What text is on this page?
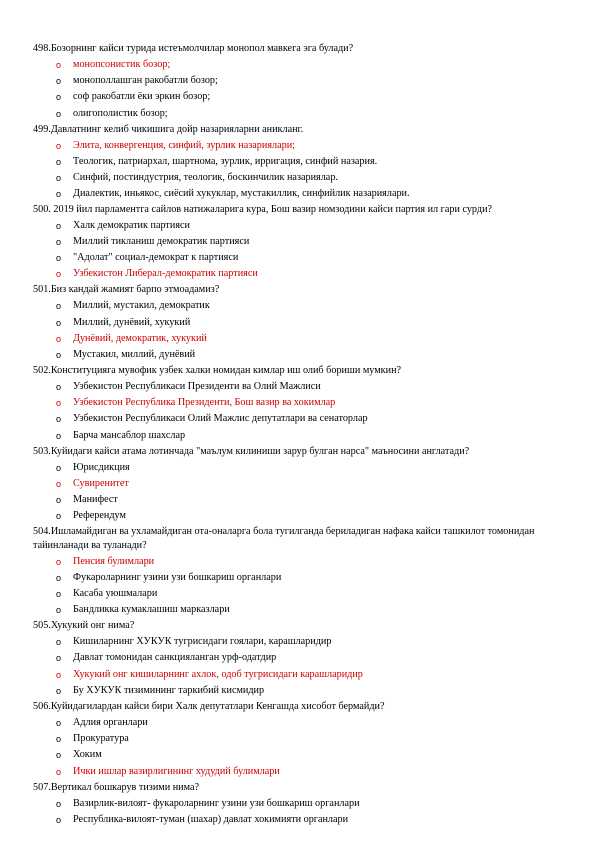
498.Бозорнинг кайси турида истеъмолчилар монопол мавкега эга булади?

o монопсонистик бозор;
o монополлашган ракобатли бозор;
o соф ракобатли ёки эркин бозор;
o олигополистик бозор;

499.Давлатнинг келиб чикишига дойр назарияларни аникланг.

o Элита, конвергенция, синфий, зурлик назариялари;
o Теологик, патриархал, шартнома, зурлик, ирригация, синфий назария.
o Синфий, постиндустрия, теологик, боскинчилик назариялар.
o Диалектик, иньякос, сиёсий хукуклар, мустакиллик, синфийлик назариялари.

500. 2019 йил парламентга сайлов натижаларига кура, Бош вазир номзодини кайси партия ил гари сурди?

o Халк демократик партияси
o Миллий тикланиш демократик партияси
o "Адолат" социал-демократ к партияси
o Узбекистон Либерал-демократик партияси

501.Биз кандай жамият барпо этмоадамиз?

o Миллий, мустакил, демократик
o Миллий, дунёвий, хукукий
o Дунёвий, демократик, хукукий
o Мустакил, миллий, дунёвий

502.Конституцияга мувофик узбек халки номидан кимлар иш олиб бориши мумкин?

o Узбекистон Республикаси Президенти ва Олий Мажлиси
o Узбекистон Республика Президенти, Бош вазир ва хокимлар
o Узбекистон Республикаси Олий Мажлис депутатлари ва сенаторлар
o Барча мансаблор шахслар

503.Куйидаги кайси атама лотинчада "маълум килиниши зарур булган нарса" маъносини англатади?

o Юрисдикция
o Сувиренитет
o Манифест
o Референдум

504.Ишламайдиган ва ухламайдиган ота-оналарга бола тугилганда бериладиган нафака кайси ташкилот томонидан тайинланади ва туланади?

o Пенсия булимлари
o Фукароларнинг узини узи бошкариш органлари
o Касаба уюшмалари
o Бандликка кумаклашиш марказлари

505.Хукукий онг нима?

o Кишиларнинг ХУКУК тугрисидаги гоялари, карашларидир
o Давлат томонидан санкцияланган урф-одатдир
o Хукукий онг кишиларнинг ахлок, одоб тугрисидаги карашларидир
o Бу ХУКУК тизимининг таркибий кисмидир

506.Куйидагилардан кайси бири Халк депутатлари Кенгашда хисобот бермайди?

o Адлия органлари
o Прокуратура
o Хоким
o Ички ишлар вазирлигининг худудий булимлари

507.Вертикал бошкарув тизими нима?

o Вазирлик-вилоят- фукароларнинг узини узи бошкариш органлари
o Республика-вилоят-туман (шахар) давлат хокимияти органлари
